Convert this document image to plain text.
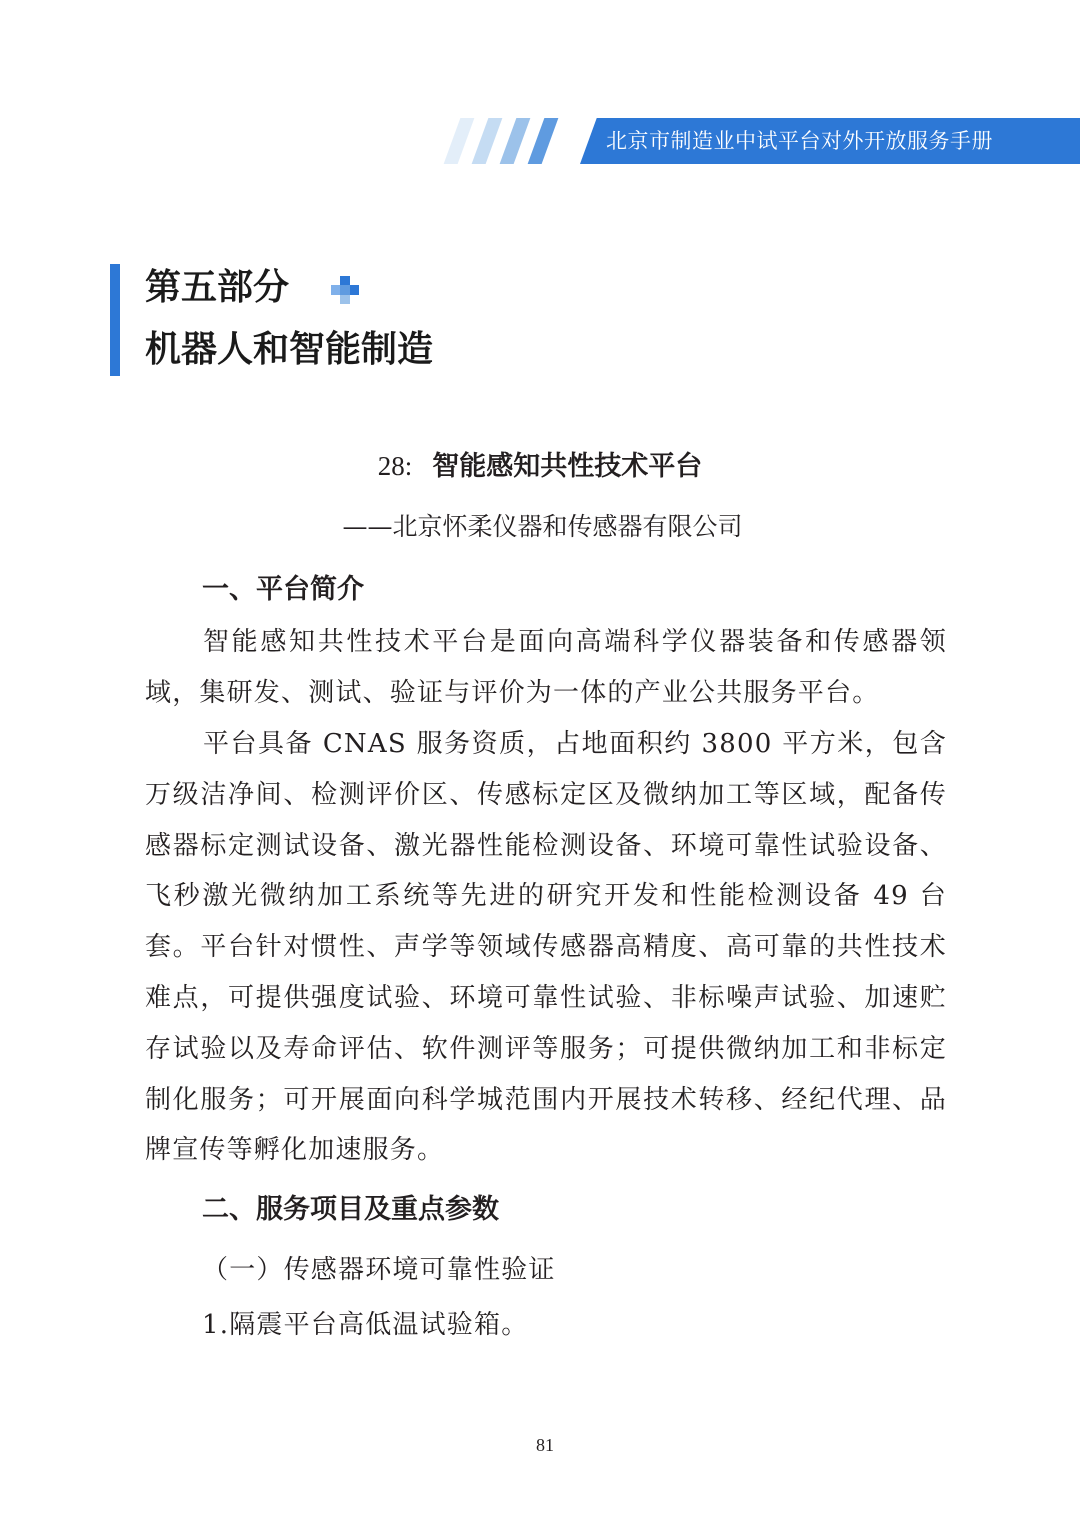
北京市制造业中试平台对外开放服务手册
第五部分
机器人和智能制造
28: 智能感知共性技术平台
——北京怀柔仪器和传感器有限公司
一、平台简介
智能感知共性技术平台是面向高端科学仪器装备和传感器领域，集研发、测试、验证与评价为一体的产业公共服务平台。
平台具备 CNAS 服务资质，占地面积约 3800 平方米，包含万级洁净间、检测评价区、传感标定区及微纳加工等区域，配备传感器标定测试设备、激光器性能检测设备、环境可靠性试验设备、飞秒激光微纳加工系统等先进的研究开发和性能检测设备 49 台套。平台针对惯性、声学等领域传感器高精度、高可靠的共性技术难点，可提供强度试验、环境可靠性试验、非标噪声试验、加速贮存试验以及寿命评估、软件测评等服务；可提供微纳加工和非标定制化服务；可开展面向科学城范围内开展技术转移、经纪代理、品牌宣传等孵化加速服务。
二、服务项目及重点参数
（一）传感器环境可靠性验证
1.隔震平台高低温试验箱。
81
